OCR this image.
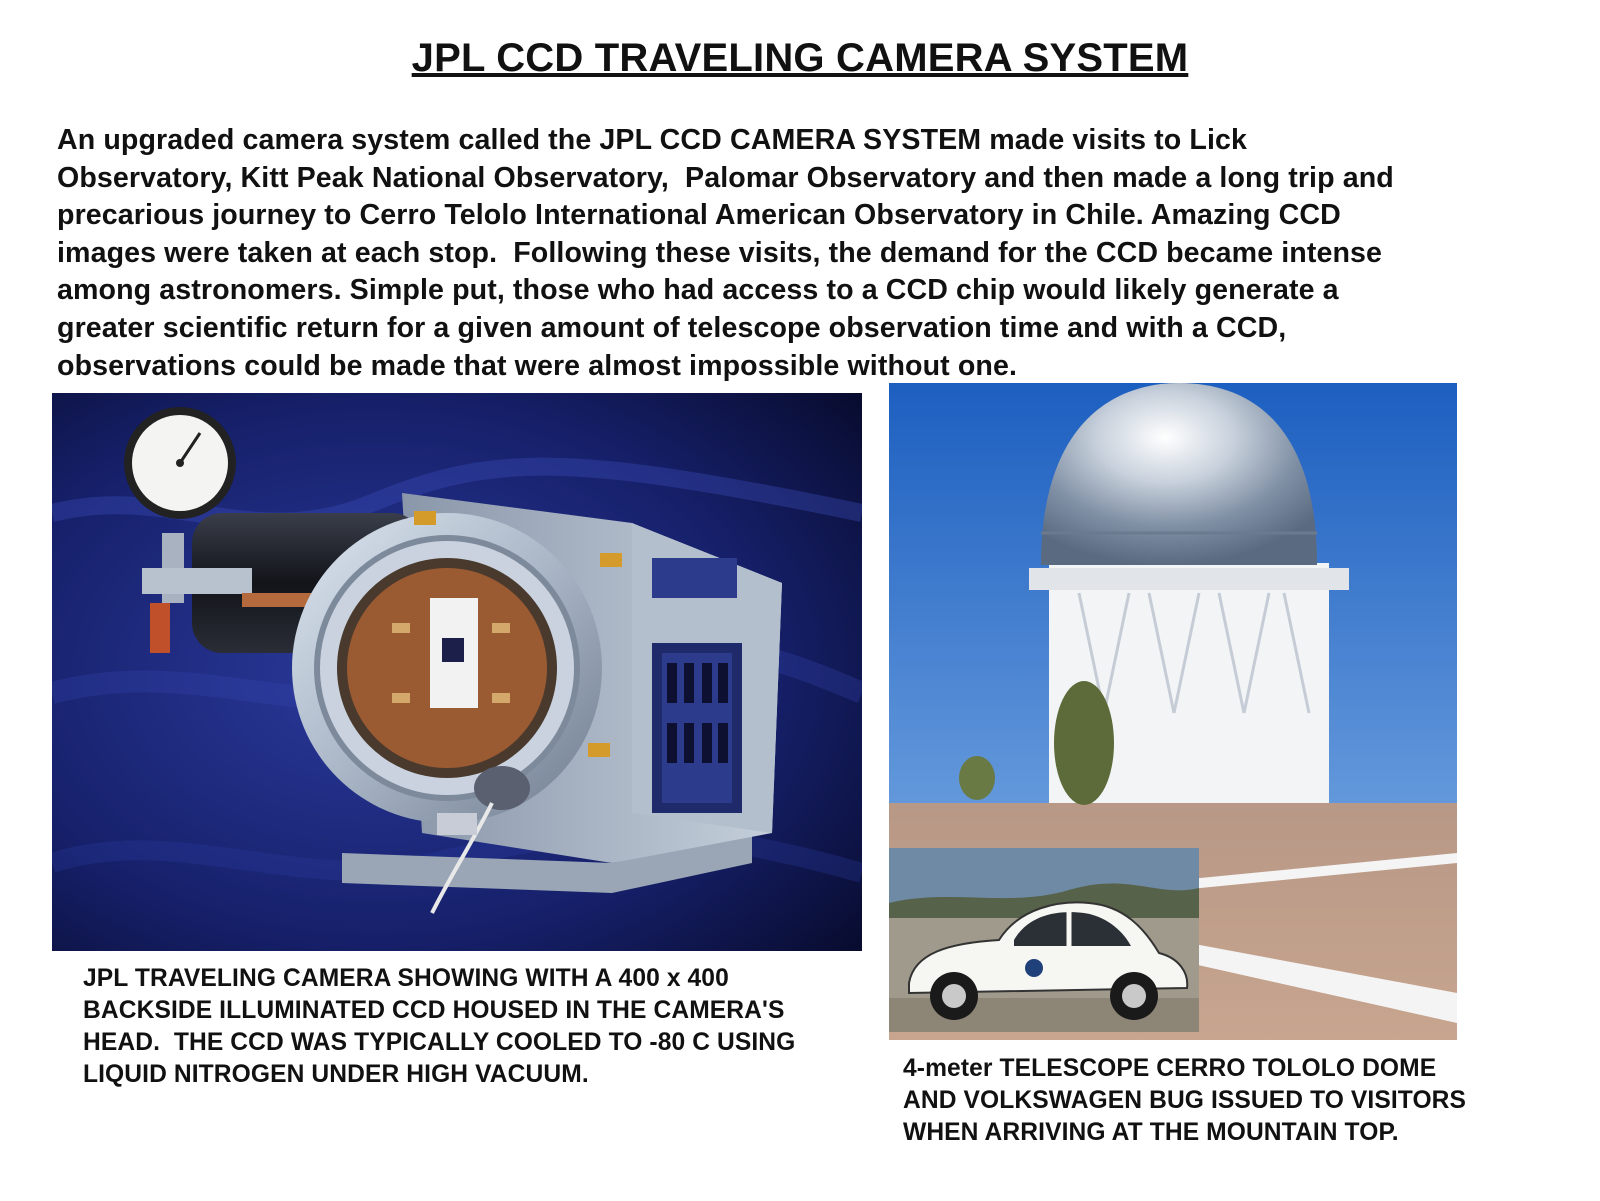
JPL CCD TRAVELING CAMERA SYSTEM
An upgraded camera system called the JPL CCD CAMERA SYSTEM made visits to Lick
Observatory, Kitt Peak National Observatory,  Palomar Observatory and then made a long trip and
precarious journey to Cerro Telolo International American Observatory in Chile. Amazing CCD
images were taken at each stop.  Following these visits, the demand for the CCD became intense
among astronomers. Simple put, those who had access to a CCD chip would likely generate a
greater scientific return for a given amount of telescope observation time and with a CCD,
observations could be made that were almost impossible without one.
JPL TRAVELING CAMERA SHOWING WITH A 400 x 400
BACKSIDE ILLUMINATED CCD HOUSED IN THE CAMERA'S
HEAD.  THE CCD WAS TYPICALLY COOLED TO -80 C USING
LIQUID NITROGEN UNDER HIGH VACUUM.	4-meter TELESCOPE CERRO TOLOLO DOME
AND VOLKSWAGEN BUG ISSUED TO VISITORS
WHEN ARRIVING AT THE MOUNTAIN TOP.
